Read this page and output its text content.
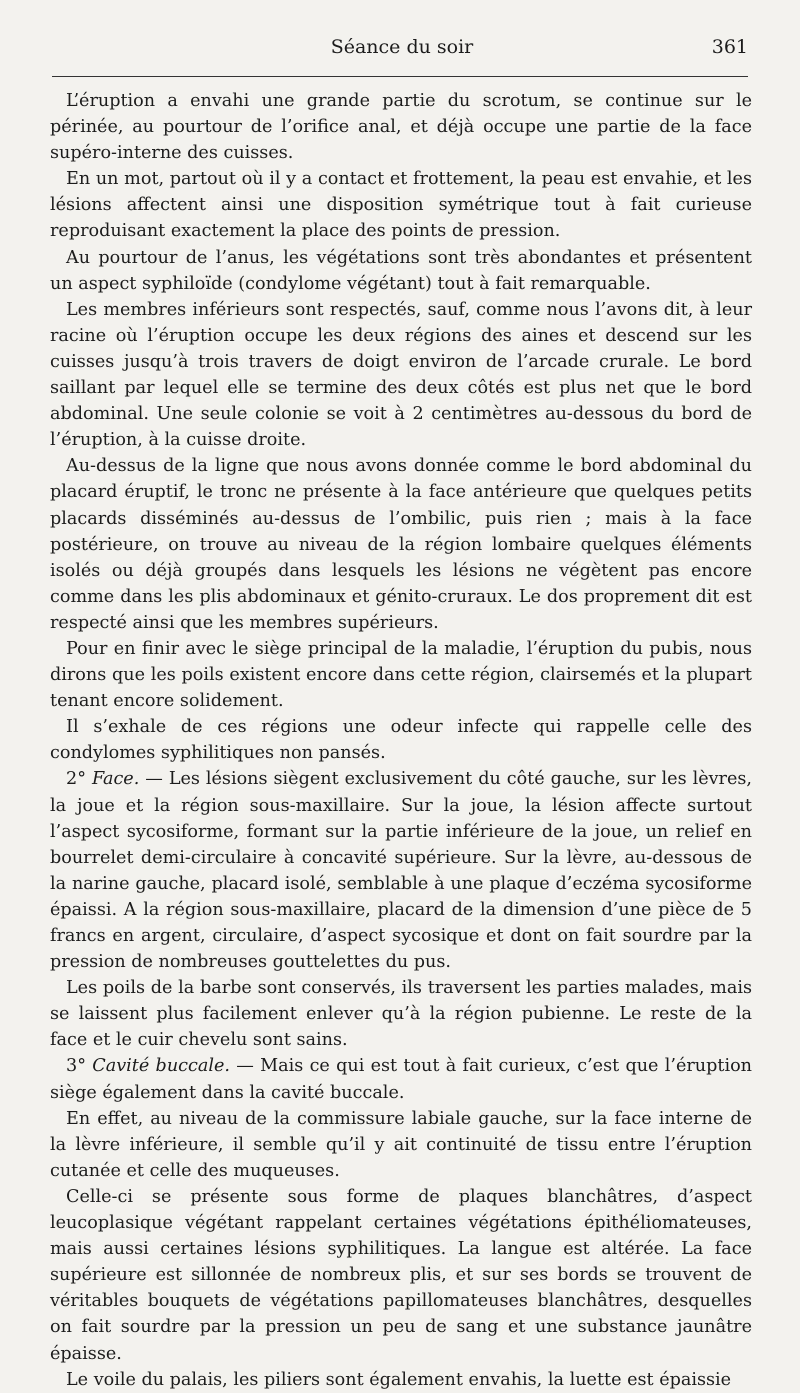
Séance du soir	361

L’éruption a envahi une grande partie du scrotum, se continue sur le périnée, au pourtour de l’orifice anal, et déjà occupe une partie de la face supéro-interne des cuisses.

En un mot, partout où il y a contact et frottement, la peau est envahie, et les lésions affectent ainsi une disposition symétrique tout à fait curieuse reproduisant exactement la place des points de pression.

Au pourtour de l’anus, les végétations sont très abondantes et présentent un aspect syphiloïde (condylome végétant) tout à fait remarquable.

Les membres inférieurs sont respectés, sauf, comme nous l’avons dit, à leur racine où l’éruption occupe les deux régions des aines et descend sur les cuisses jusqu’à trois travers de doigt environ de l’arcade crurale. Le bord saillant par lequel elle se termine des deux côtés est plus net que le bord abdominal. Une seule colonie se voit à 2 centimètres au-dessous du bord de l’éruption, à la cuisse droite.

Au-dessus de la ligne que nous avons donnée comme le bord abdominal du placard éruptif, le tronc ne présente à la face antérieure que quelques petits placards disséminés au-dessus de l’ombilic, puis rien ; mais à la face postérieure, on trouve au niveau de la région lombaire quelques éléments isolés ou déjà groupés dans lesquels les lésions ne végètent pas encore comme dans les plis abdominaux et génito-cruraux. Le dos proprement dit est respecté ainsi que les membres supérieurs.

Pour en finir avec le siège principal de la maladie, l’éruption du pubis, nous dirons que les poils existent encore dans cette région, clairsemés et la plupart tenant encore solidement.

Il s’exhale de ces régions une odeur infecte qui rappelle celle des condylomes syphilitiques non pansés.

2° Face. — Les lésions siègent exclusivement du côté gauche, sur les lèvres, la joue et la région sous-maxillaire. Sur la joue, la lésion affecte surtout l’aspect sycosiforme, formant sur la partie inférieure de la joue, un relief en bourrelet demi-circulaire à concavité supérieure. Sur la lèvre, au-dessous de la narine gauche, placard isolé, semblable à une plaque d’eczéma sycosiforme épaissi. A la région sous-maxillaire, placard de la dimension d’une pièce de 5 francs en argent, circulaire, d’aspect sycosique et dont on fait sourdre par la pression de nombreuses gouttelettes du pus.

Les poils de la barbe sont conservés, ils traversent les parties malades, mais se laissent plus facilement enlever qu’à la région pubienne. Le reste de la face et le cuir chevelu sont sains.

3° Cavité buccale. — Mais ce qui est tout à fait curieux, c’est que l’éruption siège également dans la cavité buccale.

En effet, au niveau de la commissure labiale gauche, sur la face interne de la lèvre inférieure, il semble qu’il y ait continuité de tissu entre l’éruption cutanée et celle des muqueuses.

Celle-ci se présente sous forme de plaques blanchâtres, d’aspect leucoplasique végétant rappelant certaines végétations épithéliomateuses, mais aussi certaines lésions syphilitiques. La langue est altérée. La face supérieure est sillonnée de nombreux plis, et sur ses bords se trouvent de véritables bouquets de végétations papillomateuses blanchâtres, desquelles on fait sourdre par la pression un peu de sang et une substance jaunâtre épaisse.

Le voile du palais, les piliers sont également envahis, la luette est épaissie
